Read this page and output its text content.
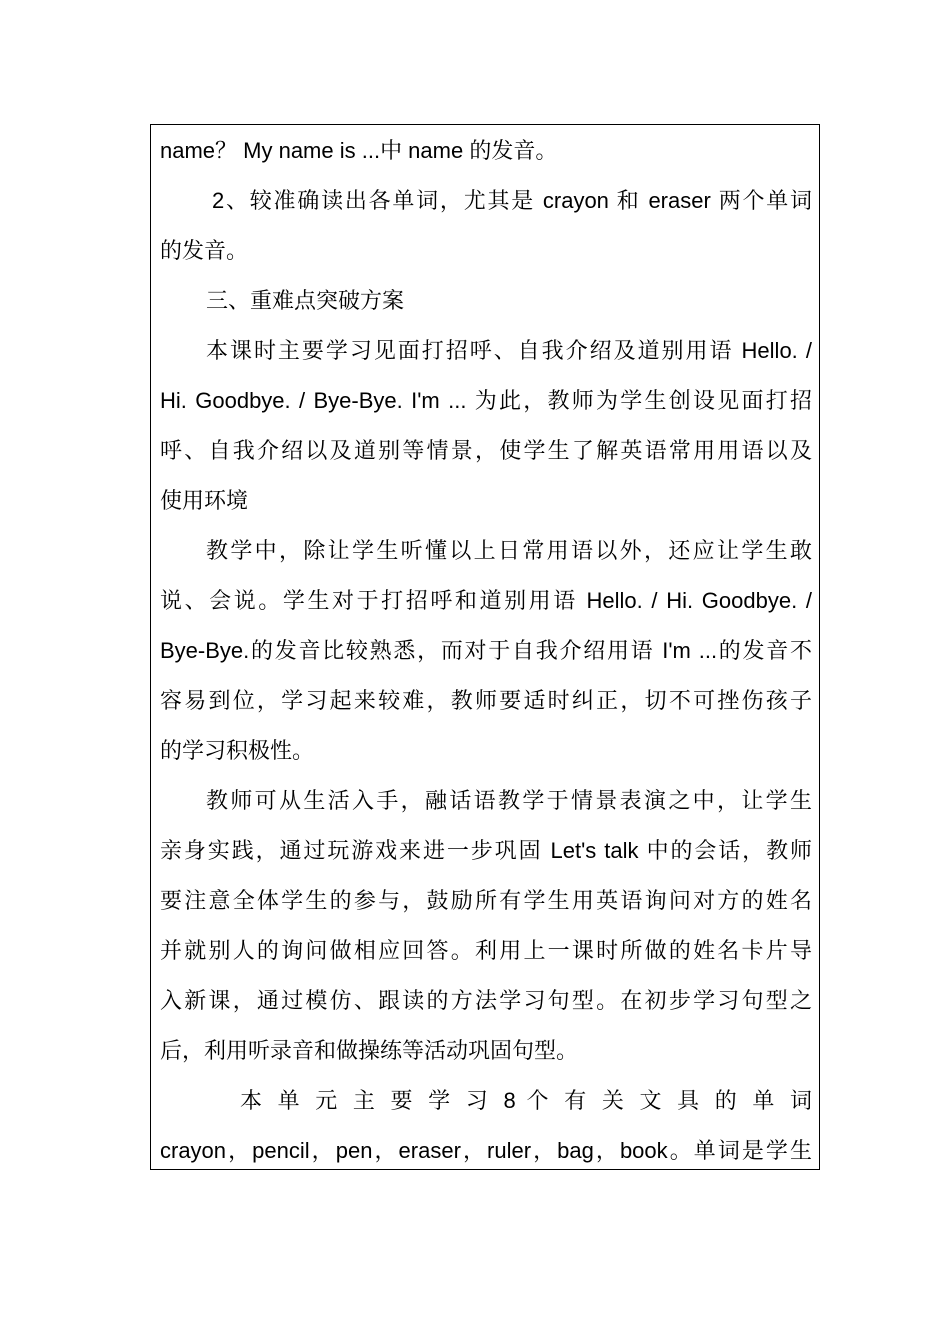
name？ My name is ...中 name 的发音。
2、较准确读出各单词，尤其是 crayon 和 eraser 两个单词
的发音。
三、重难点突破方案
本课时主要学习见面打招呼、自我介绍及道别用语 Hello. /
Hi. Goodbye. / Bye-Bye. I'm ... 为此，教师为学生创设见面打招
呼、自我介绍以及道别等情景，使学生了解英语常用用语以及
使用环境
教学中，除让学生听懂以上日常用语以外，还应让学生敢
说、会说。学生对于打招呼和道别用语 Hello. / Hi. Goodbye. /
Bye-Bye.的发音比较熟悉，而对于自我介绍用语 I'm ...的发音不
容易到位，学习起来较难，教师要适时纠正，切不可挫伤孩子
的学习积极性。
教师可从生活入手，融话语教学于情景表演之中，让学生
亲身实践，通过玩游戏来进一步巩固 Let's talk 中的会话，教师
要注意全体学生的参与，鼓励所有学生用英语询问对方的姓名
并就别人的询问做相应回答。利用上一课时所做的姓名卡片导
入新课，通过模仿、跟读的方法学习句型。在初步学习句型之
后，利用听录音和做操练等活动巩固句型。
本 单 元 主 要 学 习 8 个 有 关 文 具 的 单 词
crayon，pencil，pen，eraser，ruler，bag，book。单词是学生
